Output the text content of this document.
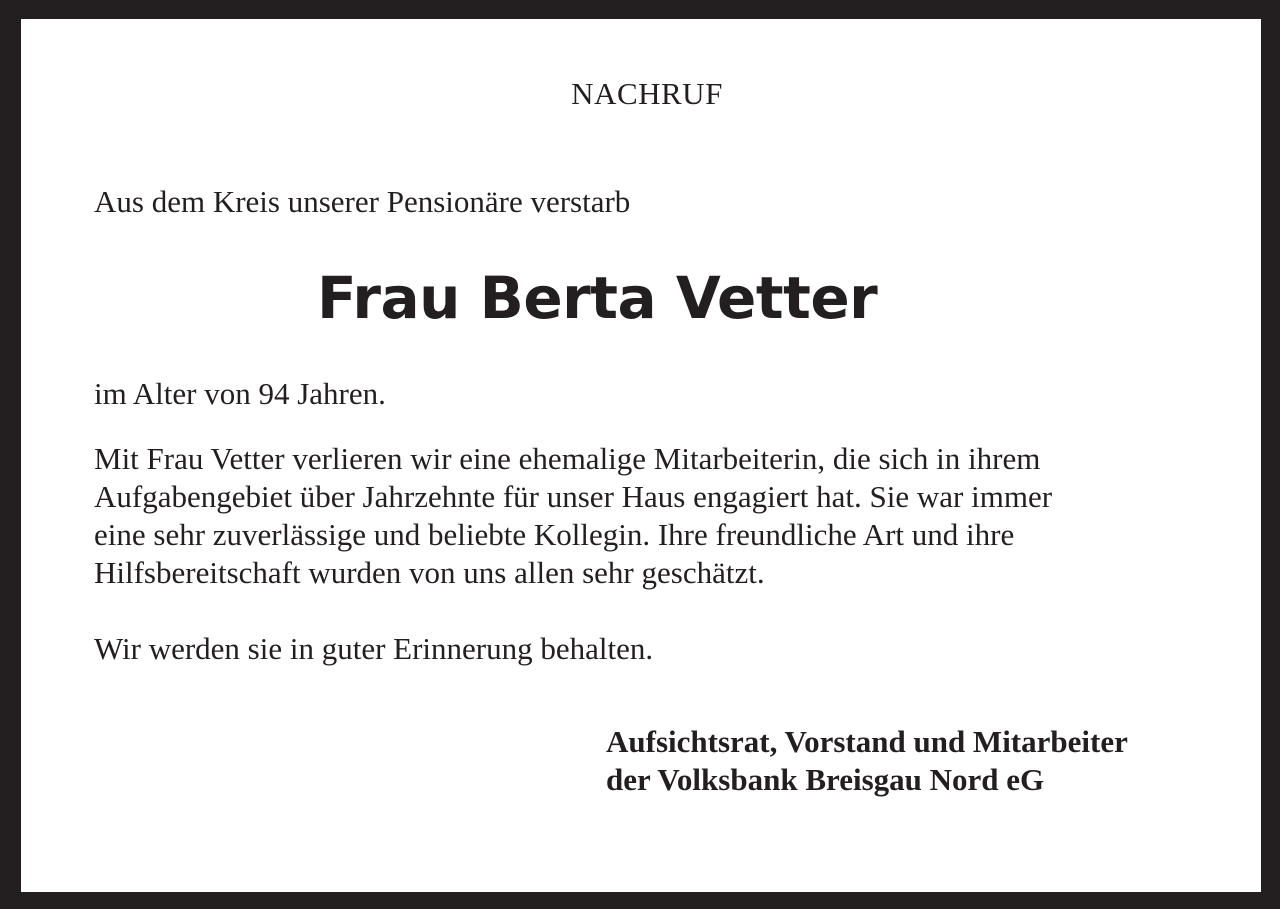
NACHRUF

Aus dem Kreis unserer Pensionäre verstarb

Frau Berta Vetter

im Alter von 94 Jahren.

Mit Frau Vetter verlieren wir eine ehemalige Mitarbeiterin, die sich in ihrem
Aufgabengebiet über Jahrzehnte für unser Haus engagiert hat. Sie war immer
eine sehr zuverlässige und beliebte Kollegin. Ihre freundliche Art und ihre
Hilfsbereitschaft wurden von uns allen sehr geschätzt.

Wir werden sie in guter Erinnerung behalten.

Aufsichtsrat, Vorstand und Mitarbeiter
der Volksbank Breisgau Nord eG
